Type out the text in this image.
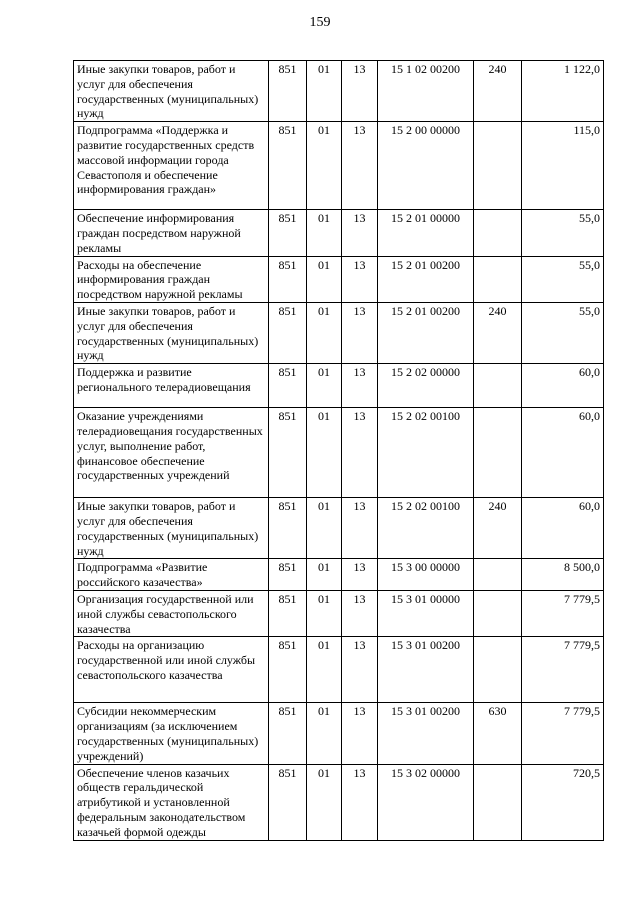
159
Иные закупки товаров, работ и услуг для обеспечения государственных (муниципальных) нужд	851	01	13	15 1 02 00200	240	1 122,0
Подпрограмма «Поддержка и развитие государственных средств массовой информации города Севастополя и обеспечение информирования граждан»	851	01	13	15 2 00 00000		115,0
Обеспечение информирования граждан посредством наружной рекламы	851	01	13	15 2 01 00000		55,0
Расходы на обеспечение информирования граждан посредством наружной рекламы	851	01	13	15 2 01 00200		55,0
Иные закупки товаров, работ и услуг для обеспечения государственных (муниципальных) нужд	851	01	13	15 2 01 00200	240	55,0
Поддержка и развитие регионального телерадиовещания	851	01	13	15 2 02 00000		60,0
Оказание учреждениями телерадиовещания государственных услуг, выполнение работ, финансовое обеспечение государственных учреждений	851	01	13	15 2 02 00100		60,0
Иные закупки товаров, работ и услуг для обеспечения государственных (муниципальных) нужд	851	01	13	15 2 02 00100	240	60,0
Подпрограмма «Развитие российского казачества»	851	01	13	15 3 00 00000		8 500,0
Организация государственной или иной службы севастопольского казачества	851	01	13	15 3 01 00000		7 779,5
Расходы на организацию государственной или иной службы севастопольского казачества	851	01	13	15 3 01 00200		7 779,5
Субсидии некоммерческим организациям (за исключением государственных (муниципальных) учреждений)	851	01	13	15 3 01 00200	630	7 779,5
Обеспечение членов казачьих обществ геральдической атрибутикой и установленной федеральным законодательством казачьей формой одежды	851	01	13	15 3 02 00000		720,5
